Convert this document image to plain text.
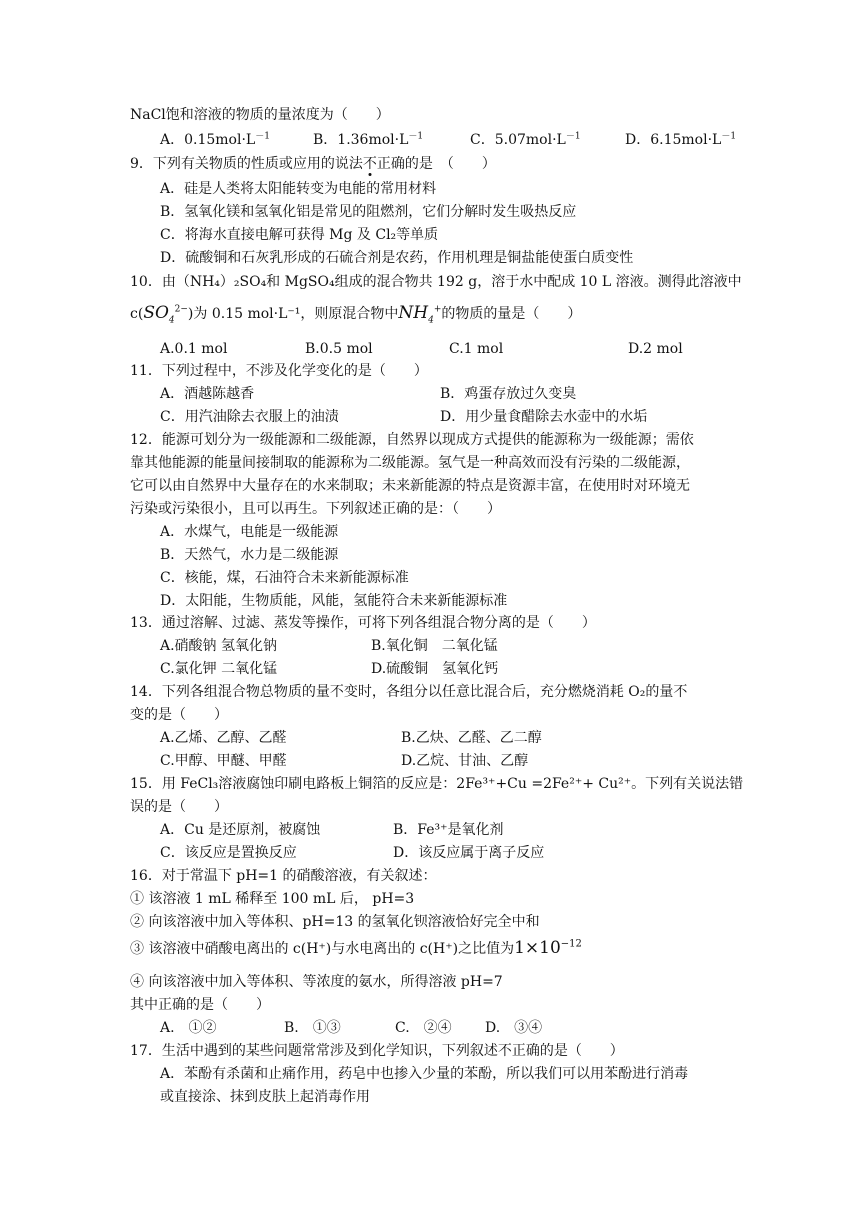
NaCl饱和溶液的物质的量浓度为（　　）
A．$0.15mol\cdot L^{-1}$	B．$1.36mol\cdot L^{-1}$	C．$5.07mol\cdot L^{-1}$	D．$6.15mol\cdot L^{-1}$
9．下列有关物质的性质或应用的说法不正确的是　（　　）
A．硅是人类将太阳能转变为电能的常用材料
B．氢氧化镁和氢氧化铝是常见的阻燃剂，它们分解时发生吸热反应
C．将海水直接电解可获得 Mg 及 Cl₂等单质
D．硫酸铜和石灰乳形成的石硫合剂是农药，作用机理是铜盐能使蛋白质变性
10．由（NH₄）₂SO₄和 MgSO₄组成的混合物共 192 g，溶于水中配成 10 L 溶液。测得此溶液中
$c(SO_4^{2-})$为 0.15 mol·L⁻¹，则原混合物中$NH_4^+$的物质的量是（　　）
A.0.1 mol	B.0.5 mol	C.1 mol	D.2 mol
11．下列过程中，不涉及化学变化的是（　　）
A．酒越陈越香	B．鸡蛋存放过久变臭
C．用汽油除去衣服上的油渍	D．用少量食醋除去水壶中的水垢
12．能源可划分为一级能源和二级能源，自然界以现成方式提供的能源称为一级能源；需依
靠其他能源的能量间接制取的能源称为二级能源。氢气是一种高效而没有污染的二级能源，
它可以由自然界中大量存在的水来制取；未来新能源的特点是资源丰富，在使用时对环境无
污染或污染很小，且可以再生。下列叙述正确的是：（　　）
A．水煤气，电能是一级能源
B．天然气，水力是二级能源
C．核能，煤，石油符合未来新能源标准
D．太阳能，生物质能，风能，氢能符合未来新能源标准
13．通过溶解、过滤、蒸发等操作，可将下列各组混合物分离的是（　　）
A.硝酸钠 氢氧化钠	B.氧化铜　二氧化锰
C.氯化钾 二氧化锰	D.硫酸铜　氢氧化钙
14．下列各组混合物总物质的量不变时，各组分以任意比混合后，充分燃烧消耗 O₂的量不
变的是（　　）
A.乙烯、乙醇、乙醛	B.乙炔、乙醛、乙二醇
C.甲醇、甲醚、甲醛	D.乙烷、甘油、乙醇
15．用 FeCl₃溶液腐蚀印刷电路板上铜箔的反应是：2Fe³⁺+Cu =2Fe²⁺+ Cu²⁺。下列有关说法错
误的是（　　）
A．Cu 是还原剂，被腐蚀	B．Fe³⁺是氧化剂
C．该反应是置换反应	D．该反应属于离子反应
16．对于常温下 pH=1 的硝酸溶液，有关叙述：
① 该溶液 1 mL 稀释至 100 mL 后， pH=3
② 向该溶液中加入等体积、pH=13 的氢氧化钡溶液恰好完全中和
③ 该溶液中硝酸电离出的 c(H⁺)与水电离出的 c(H⁺)之比值为$1\times 10^{-12}$
④ 向该溶液中加入等体积、等浓度的氨水，所得溶液 pH=7
其中正确的是（　　）
A.　①②	B.　①③	C.　②④ D.　③④
17．生活中遇到的某些问题常常涉及到化学知识，下列叙述不正确的是（　　）
A．苯酚有杀菌和止痛作用，药皂中也掺入少量的苯酚，所以我们可以用苯酚进行消毒
或直接涂、抹到皮肤上起消毒作用
